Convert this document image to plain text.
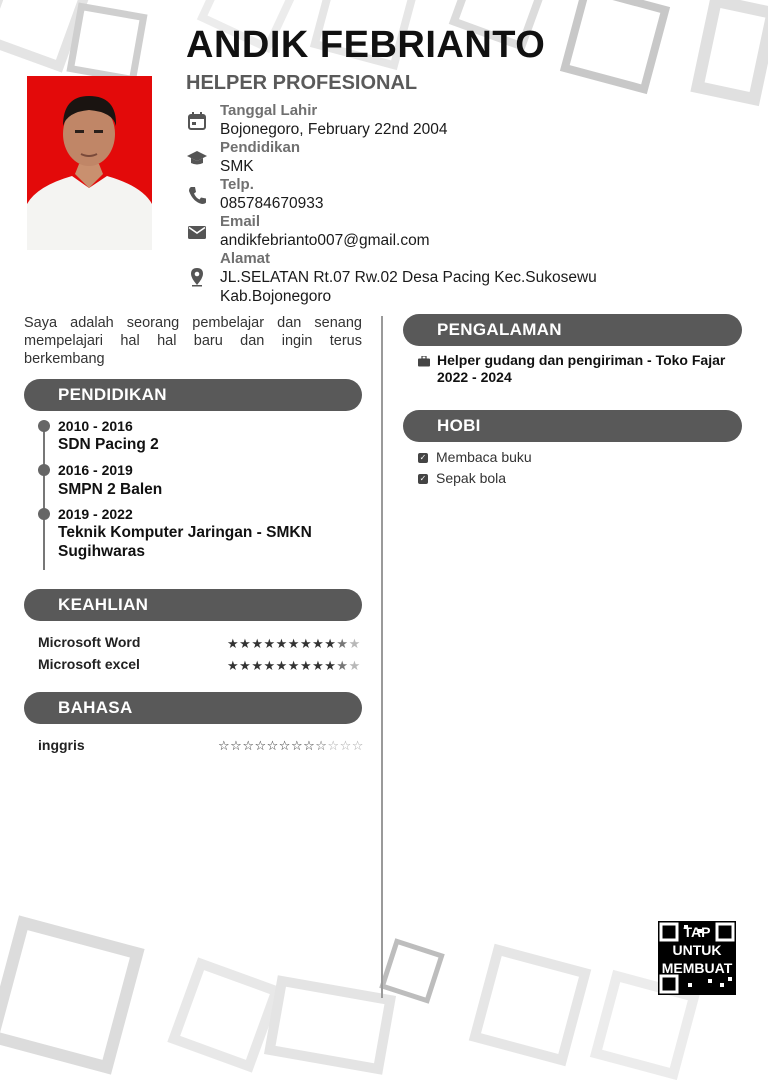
ANDIK FEBRIANTO
HELPER PROFESIONAL
Tanggal Lahir
Bojonegoro, February 22nd 2004
Pendidikan
SMK
Telp.
085784670933
Email
andikfebrianto007@gmail.com
Alamat
JL.SELATAN Rt.07 Rw.02 Desa Pacing Kec.Sukosewu Kab.Bojonegoro
Saya adalah seorang pembelajar dan senang mempelajari hal hal baru dan ingin terus berkembang
PENDIDIKAN
2010 - 2016
SDN Pacing 2
2016 - 2019
SMPN 2 Balen
2019 - 2022
Teknik Komputer Jaringan - SMKN Sugihwaras
KEAHLIAN
Microsoft Word	★★★★★★★★★★★
Microsoft excel	★★★★★★★★★★★
BAHASA
inggris	☆☆☆☆☆☆☆☆☆☆☆☆
PENGALAMAN
Helper gudang dan pengiriman - Toko Fajar
2022 - 2024
HOBI
✓ Membaca buku
✓ Sepak bola
TAP UNTUK MEMBUAT
